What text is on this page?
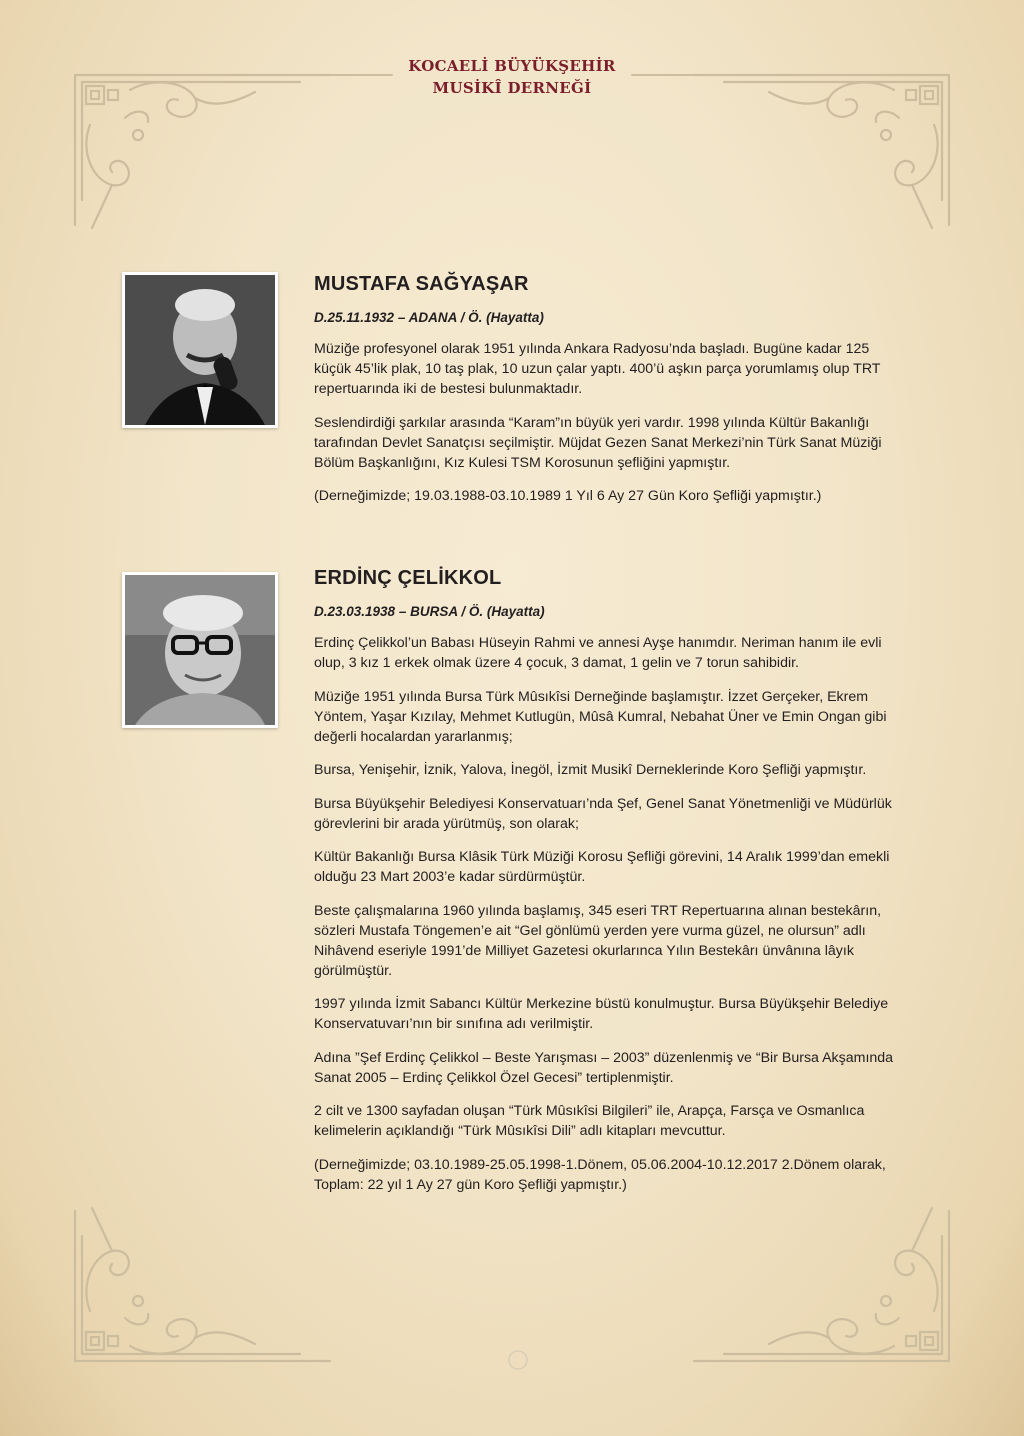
KOCAELİ BÜYÜKŞEHİR
MUSİKÎ DERNEĞİ
MUSTAFA SAĞYAŞAR
D.25.11.1932 – ADANA / Ö. (Hayatta)

Müziğe profesyonel olarak 1951 yılında Ankara Radyosu’nda başladı. Bugüne kadar 125 küçük 45’lik plak, 10 taş plak, 10 uzun çalar yaptı. 400’ü aşkın parça yorumlamış olup TRT repertuarında iki de bestesi bulunmaktadır.

Seslendirdiği şarkılar arasında “Karam”ın büyük yeri vardır. 1998 yılında Kültür Bakanlığı tarafından Devlet Sanatçısı seçilmiştir. Müjdat Gezen Sanat Merkezi’nin Türk Sanat Müziği Bölüm Başkanlığını, Kız Kulesi TSM Korosunun şefliğini yapmıştır.

(Derneğimizde; 19.03.1988-03.10.1989 1 Yıl 6 Ay 27 Gün Koro Şefliği yapmıştır.)

ERDİNÇ ÇELİKKOL
D.23.03.1938 – BURSA / Ö. (Hayatta)

Erdinç Çelikkol’un Babası Hüseyin Rahmi ve annesi Ayşe hanımdır. Neriman hanım ile evli olup, 3 kız 1 erkek olmak üzere 4 çocuk, 3 damat, 1 gelin ve 7 torun sahibidir.

Müziğe 1951 yılında Bursa Türk Mûsıkîsi Derneğinde başlamıştır. İzzet Gerçeker, Ekrem Yöntem, Yaşar Kızılay, Mehmet Kutlugün, Mûsâ Kumral, Nebahat Üner ve Emin Ongan gibi değerli hocalardan yararlanmış;

Bursa, Yenişehir, İznik, Yalova, İnegöl, İzmit Musikî Derneklerinde Koro Şefliği yapmıştır.

Bursa Büyükşehir Belediyesi Konservatuarı’nda Şef, Genel Sanat Yönetmenliği ve Müdürlük görevlerini bir arada yürütmüş, son olarak;

Kültür Bakanlığı Bursa Klâsik Türk Müziği Korosu Şefliği görevini, 14 Aralık 1999’dan emekli olduğu 23 Mart 2003’e kadar sürdürmüştür.

Beste çalışmalarına 1960 yılında başlamış, 345 eseri TRT Repertuarına alınan bestekârın, sözleri Mustafa Töngemen’e ait “Gel gönlümü yerden yere vurma güzel, ne olursun” adlı Nihâvend eseriyle 1991’de Milliyet Gazetesi okurlarınca Yılın Bestekârı ünvânına lâyık görülmüştür.

1997 yılında İzmit Sabancı Kültür Merkezine büstü konulmuştur. Bursa Büyükşehir Belediye Konservatuvarı’nın bir sınıfına adı verilmiştir.

Adına ”Şef Erdinç Çelikkol – Beste Yarışması – 2003” düzenlenmiş ve “Bir Bursa Akşamında Sanat 2005 – Erdinç Çelikkol Özel Gecesi” tertiplenmiştir.

2 cilt ve 1300 sayfadan oluşan “Türk Mûsıkîsi Bilgileri” ile, Arapça, Farsça ve Osmanlıca kelimelerin açıklandığı “Türk Mûsıkîsi Dili” adlı kitapları mevcuttur.

(Derneğimizde; 03.10.1989-25.05.1998-1.Dönem, 05.06.2004-10.12.2017 2.Dönem olarak, Toplam: 22 yıl 1 Ay 27 gün Koro Şefliği yapmıştır.)
